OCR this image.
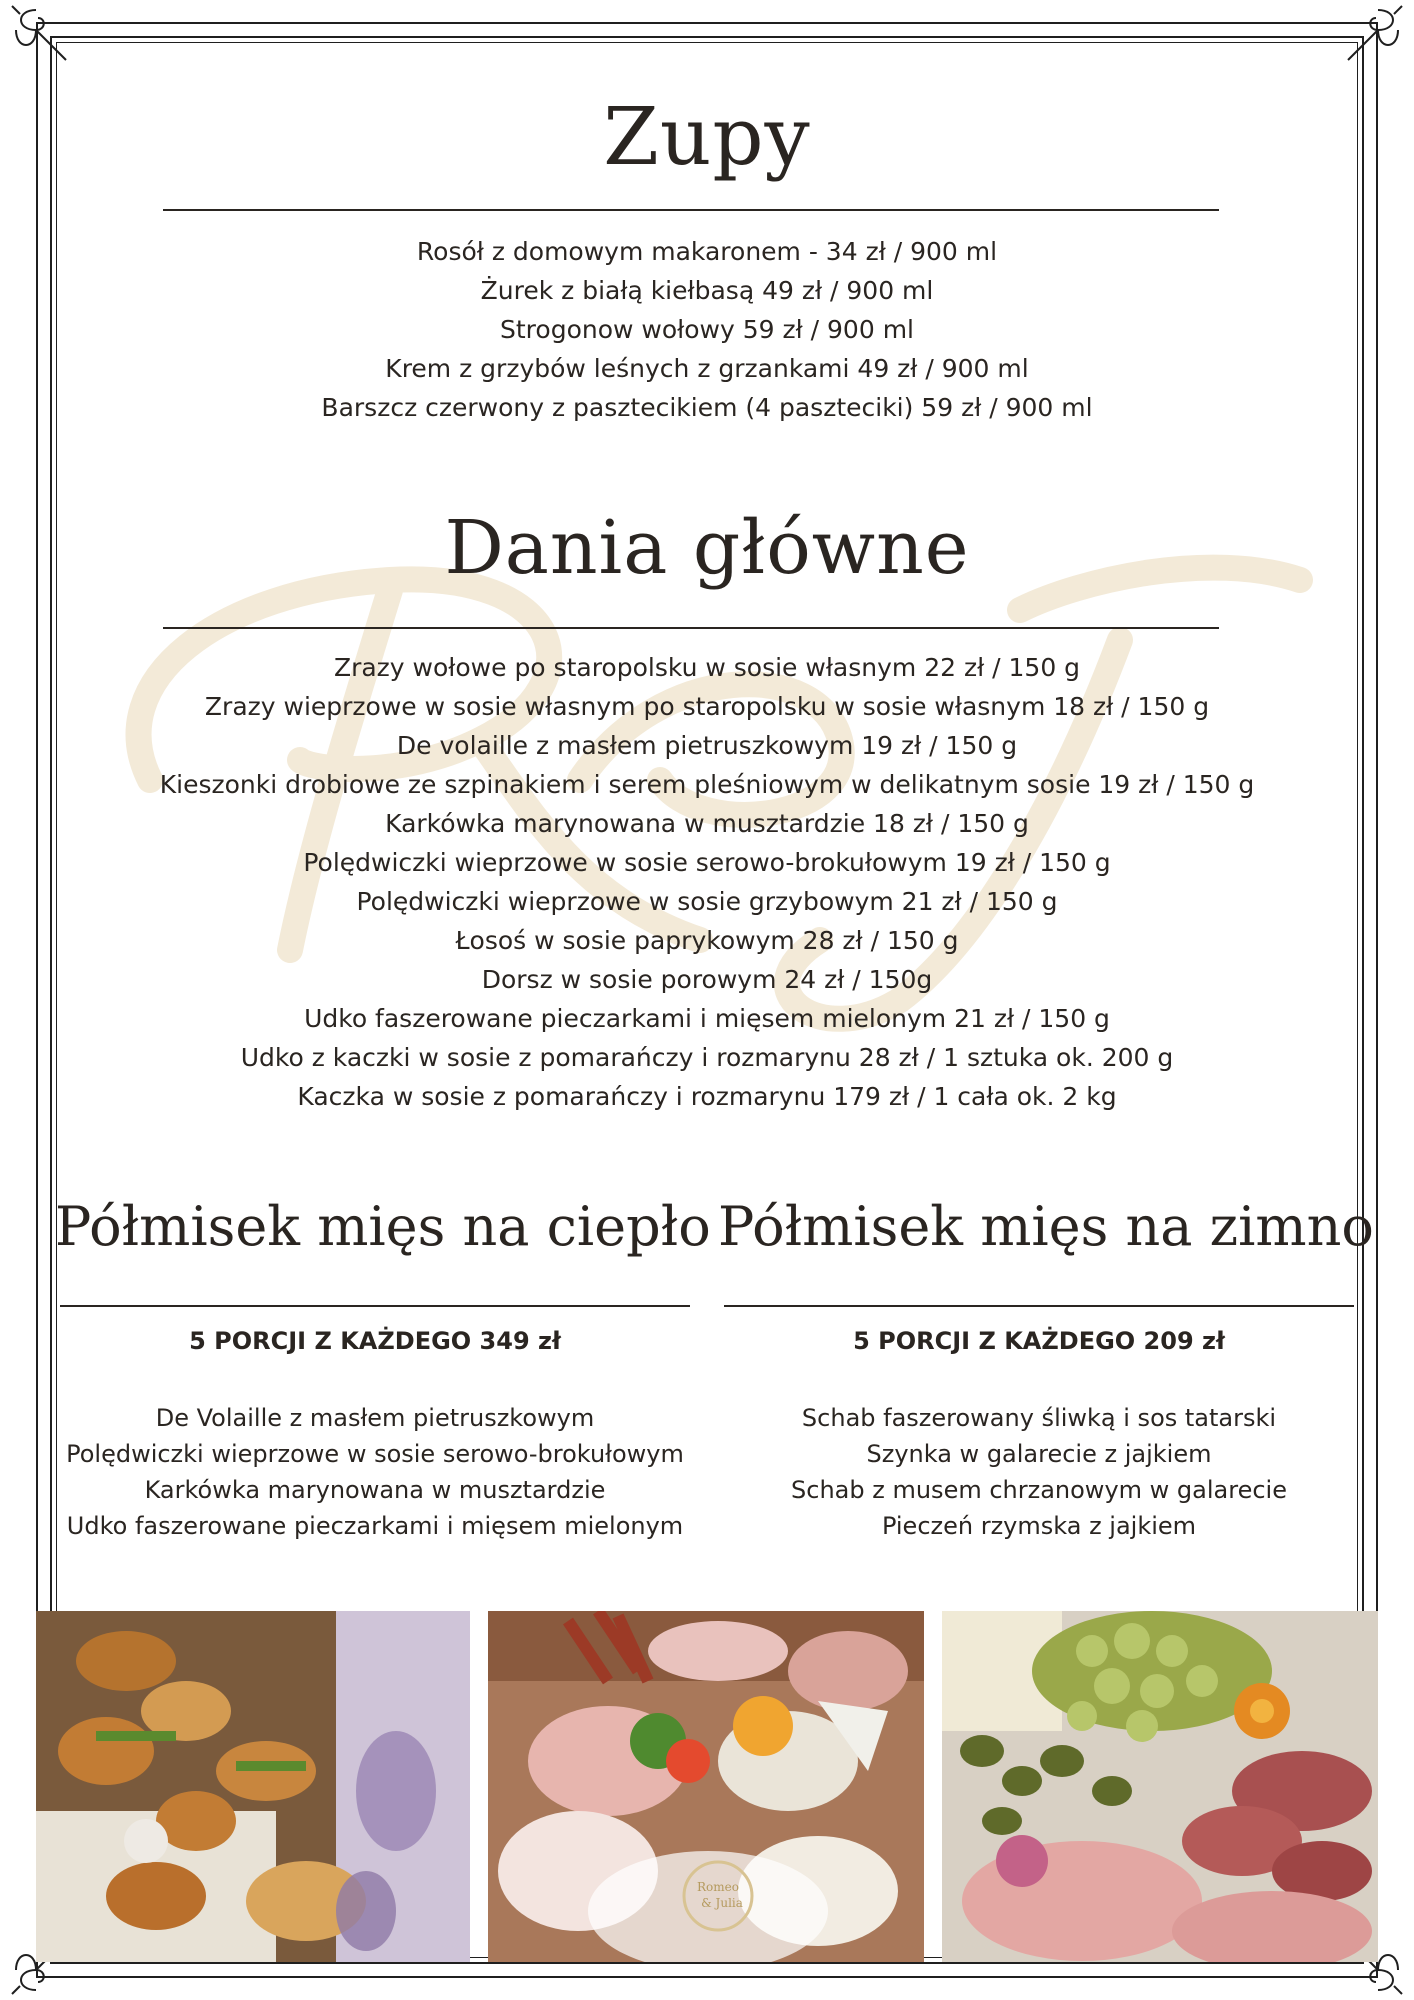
Zupy
Rosół z domowym makaronem - 34 zł / 900 ml
Żurek z białą kiełbasą 49 zł / 900 ml
Strogonow wołowy 59 zł / 900 ml
Krem z grzybów leśnych z grzankami 49 zł / 900 ml
Barszcz czerwony z pasztecikiem (4 paszteciki) 59 zł / 900 ml
Dania główne
Zrazy wołowe po staropolsku w sosie własnym 22 zł / 150 g
Zrazy wieprzowe w sosie własnym po staropolsku w sosie własnym 18 zł / 150 g
De volaille z masłem pietruszkowym 19 zł / 150 g
Kieszonki drobiowe ze szpinakiem i serem pleśniowym w delikatnym sosie 19 zł / 150 g
Karkówka marynowana w musztardzie 18 zł / 150 g
Polędwiczki wieprzowe w sosie serowo-brokułowym 19 zł / 150 g
Polędwiczki wieprzowe w sosie grzybowym 21 zł / 150 g
Łosoś w sosie paprykowym 28 zł / 150 g
Dorsz w sosie porowym 24 zł / 150g
Udko faszerowane pieczarkami i mięsem mielonym 21 zł / 150 g
Udko z kaczki w sosie z pomarańczy i rozmarynu 28 zł / 1 sztuka ok. 200 g
Kaczka w sosie z pomarańczy i rozmarynu 179 zł / 1 cała ok. 2 kg
Półmisek mięs na ciepło Półmisek mięs na zimno
5 PORCJI Z KAŻDEGO 349 zł	5 PORCJI Z KAŻDEGO 209 zł
De Volaille z masłem pietruszkowym
Polędwiczki wieprzowe w sosie serowo-brokułowym
Karkówka marynowana w musztardzie
Udko faszerowane pieczarkami i mięsem mielonym
Schab faszerowany śliwką i sos tatarski
Szynka w galarecie z jajkiem
Schab z musem chrzanowym w galarecie
Pieczeń rzymska z jajkiem
Romeo
& Julia
